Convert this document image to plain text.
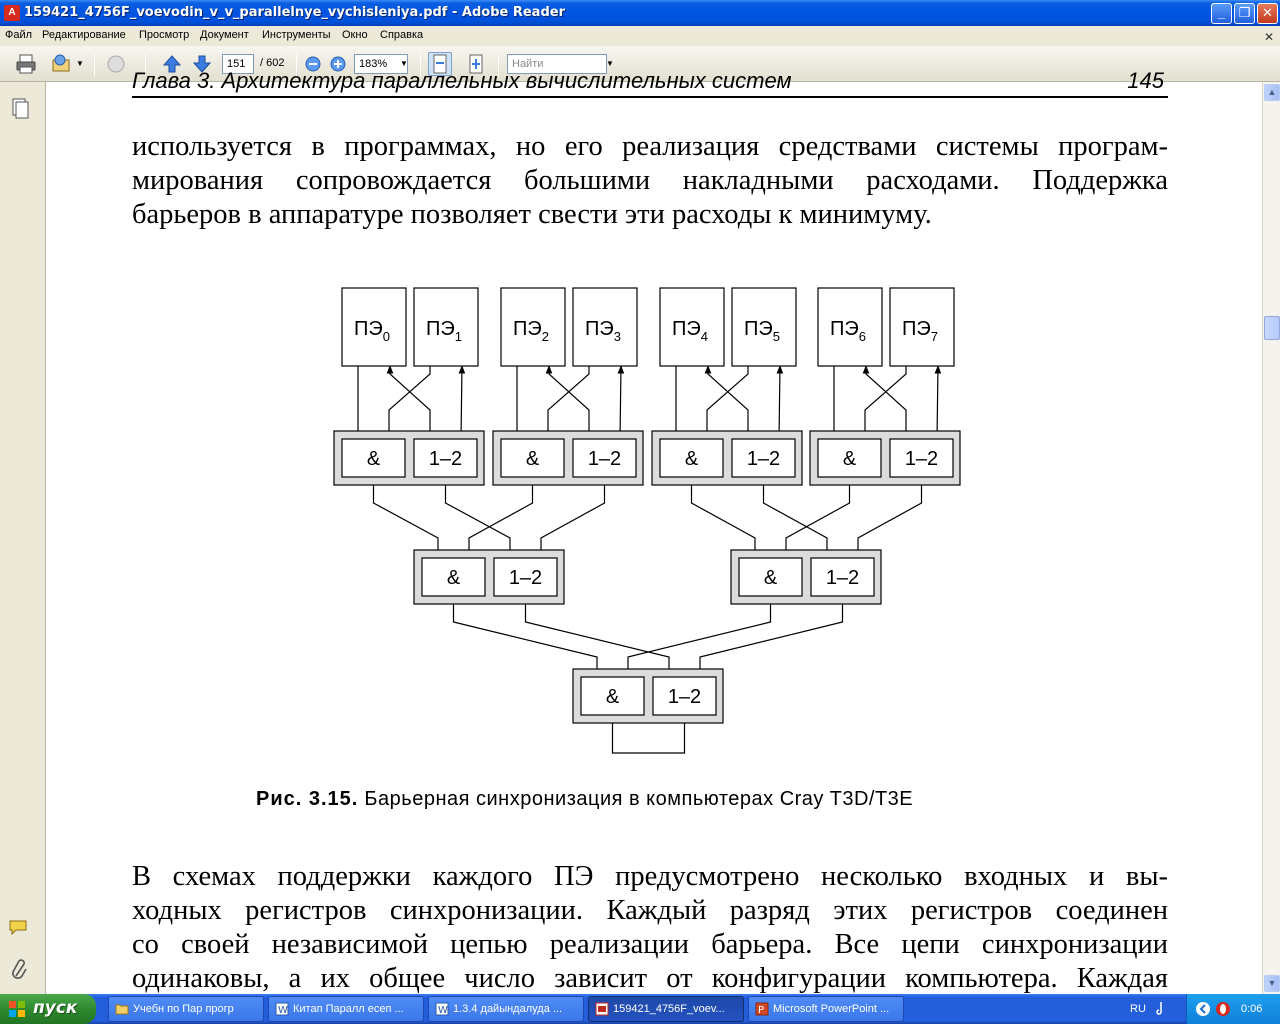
A 159421_4756F_voevodin_v_v_parallelnye_vychisleniya.pdf - Adobe Reader	_	❐ ✕
Файл Редактирование Просмотр Документ Инструменты Окно Справка	✕
▼	151	/ 602	183%	▼	Найти	▼
Глава 3. Архитектура параллельных вычислительных систем	145
используется в программах, но его реализация средствами системы програм-
мирования сопровождается большими накладными расходами. Поддержка
барьеров в аппаратуре позволяет свести эти расходы к минимуму.
$ПЭ_0$ $ПЭ_1$	$ПЭ_2$ $ПЭ_3$	$ПЭ_4$ $ПЭ_5$	$ПЭ_6$ $ПЭ_7$
& 1–2	& 1–2	& 1–2	& 1–2
& 1–2	& 1–2
& 1–2
Рис. 3.15. Барьерная синхронизация в компьютерах Cray T3D/T3E
В схемах поддержки каждого ПЭ предусмотрено несколько входных и вы-
ходных регистров синхронизации. Каждый разряд этих регистров соединен
со своей независимой цепью реализации барьера. Все цепи синхронизации
одинаковы, а их общее число зависит от конфигурации компьютера. Каждая
▲
▼
пуск	Учебн по Пар прогр	W Китап Паралл есеп ...	W 1.3.4 дайындалуда ...	159421_4756F_voev...	P Microsoft PowerPoint ...	RU	0:06
